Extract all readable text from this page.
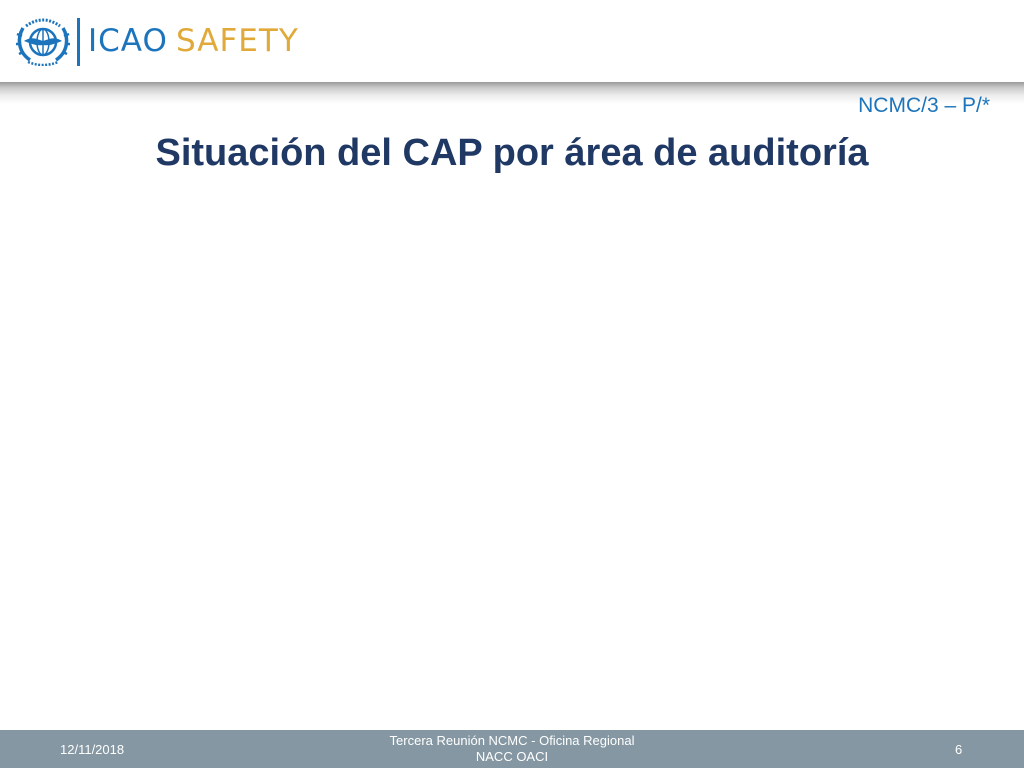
ICAO SAFETY
NCMC/3 – P/*
Situación del CAP por área de auditoría
12/11/2018
Tercera Reunión NCMC - Oficina Regional
NACC OACI	6
